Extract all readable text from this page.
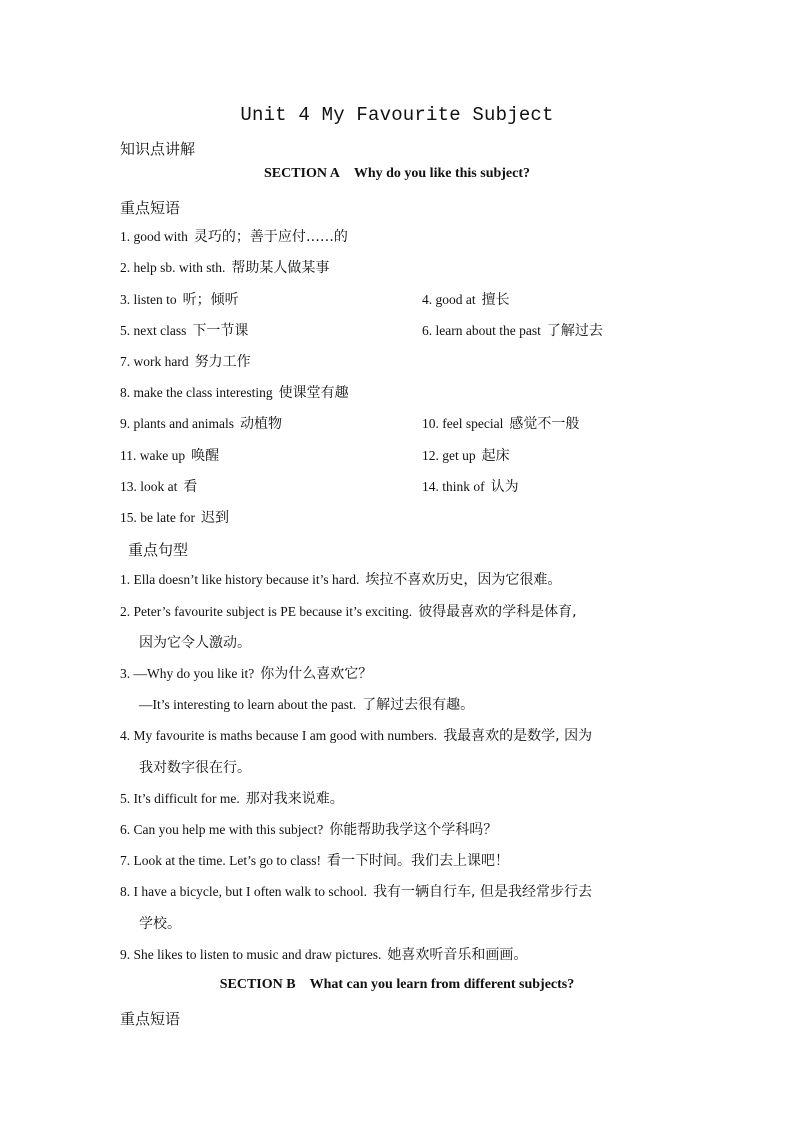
Unit 4 My Favourite Subject
知识点讲解
SECTION A Why do you like this subject?
重点短语
1. good with 灵巧的；善于应付……的
2. help sb. with sth. 帮助某人做某事
3. listen to 听；倾听	4. good at 擅长
5. next class 下一节课	6. learn about the past 了解过去
7. work hard 努力工作
8. make the class interesting 使课堂有趣
9. plants and animals 动植物	10. feel special 感觉不一般
11. wake up 唤醒	12. get up 起床
13. look at 看	14. think of 认为
15. be late for 迟到
重点句型
1. Ella doesn’t like history because it’s hard. 埃拉不喜欢历史，因为它很难。
2. Peter’s favourite subject is PE because it’s exciting. 彼得最喜欢的学科是体育,
因为它令人激动。
3. —Why do you like it? 你为什么喜欢它？
—It’s interesting to learn about the past. 了解过去很有趣。
4. My favourite is maths because I am good with numbers. 我最喜欢的是数学, 因为
我对数字很在行。
5. It’s difficult for me. 那对我来说难。
6. Can you help me with this subject? 你能帮助我学这个学科吗？
7. Look at the time. Let’s go to class! 看一下时间。我们去上课吧！
8. I have a bicycle, but I often walk to school. 我有一辆自行车, 但是我经常步行去
学校。
9. She likes to listen to music and draw pictures. 她喜欢听音乐和画画。
SECTION B What can you learn from different subjects?
重点短语
